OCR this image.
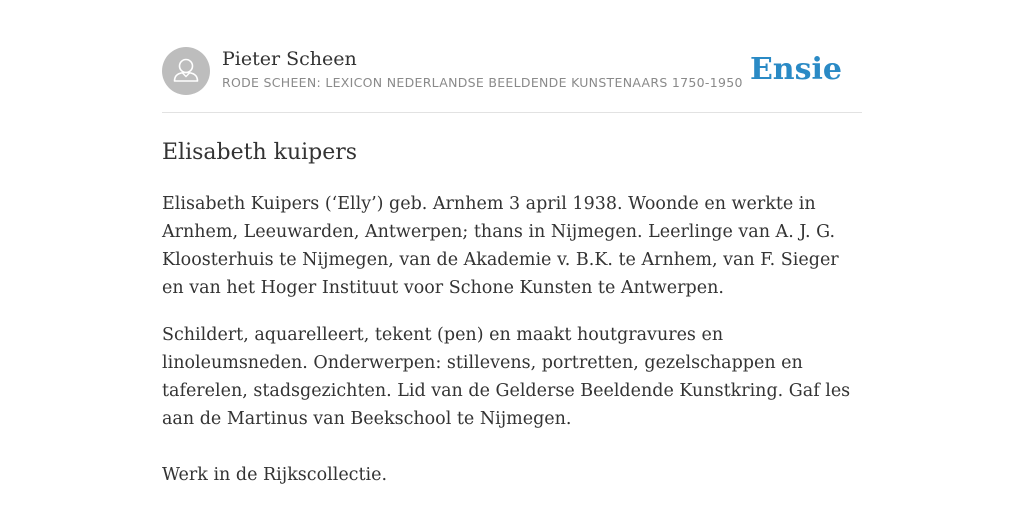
Pieter Scheen
RODE SCHEEN: LEXICON NEDERLANDSE BEELDENDE KUNSTENAARS 1750-1950 Ensie
Elisabeth kuipers

Elisabeth Kuipers (‘Elly’) geb. Arnhem 3 april 1938. Woonde en werkte in Arnhem, Leeuwarden, Antwerpen; thans in Nijmegen. Leerlinge van A. J. G. Kloosterhuis te Nijmegen, van de Akademie v. B.K. te Arnhem, van F. Sieger en van het Hoger Instituut voor Schone Kunsten te Antwerpen.

Schildert, aquarelleert, tekent (pen) en maakt houtgravures en linoleumsneden. Onderwerpen: stillevens, portretten, gezelschappen en taferelen, stadsgezichten. Lid van de Gelderse Beeldende Kunstkring. Gaf les aan de Martinus van Beekschool te Nijmegen.

Werk in de Rijkscollectie.
